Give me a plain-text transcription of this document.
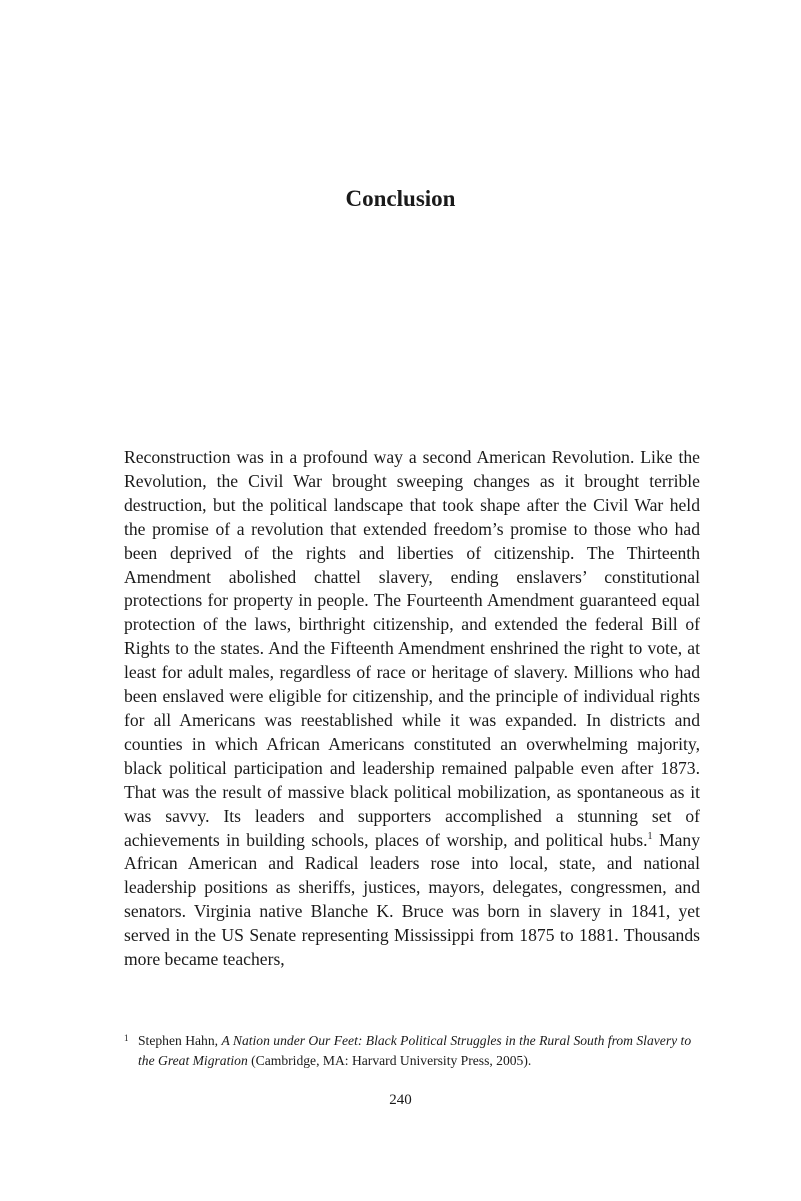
Conclusion

Reconstruction was in a profound way a second American Revolution. Like the Revolution, the Civil War brought sweeping changes as it brought terrible destruction, but the political landscape that took shape after the Civil War held the promise of a revolution that extended freedom’s promise to those who had been deprived of the rights and liberties of citizenship. The Thirteenth Amendment abolished chattel slavery, ending enslavers’ constitutional protections for property in people. The Fourteenth Amendment guaranteed equal protection of the laws, birthright citizenship, and extended the federal Bill of Rights to the states. And the Fifteenth Amendment enshrined the right to vote, at least for adult males, regardless of race or heritage of slavery. Millions who had been enslaved were eligible for citizenship, and the principle of individual rights for all Americans was reestablished while it was expanded. In districts and counties in which African Americans constituted an overwhelming majority, black political participation and leadership remained palpable even after 1873. That was the result of massive black political mobilization, as spontaneous as it was savvy. Its leaders and supporters accomplished a stunning set of achievements in building schools, places of worship, and political hubs.$^1$ Many African American and Radical leaders rose into local, state, and national leadership positions as sheriffs, justices, mayors, delegates, congressmen, and senators. Virginia native Blanche K. Bruce was born in slavery in 1841, yet served in the US Senate representing Mississippi from 1875 to 1881. Thousands more became teachers,

1 Stephen Hahn, A Nation under Our Feet: Black Political Struggles in the Rural South from Slavery to the Great Migration (Cambridge, MA: Harvard University Press, 2005).

240
